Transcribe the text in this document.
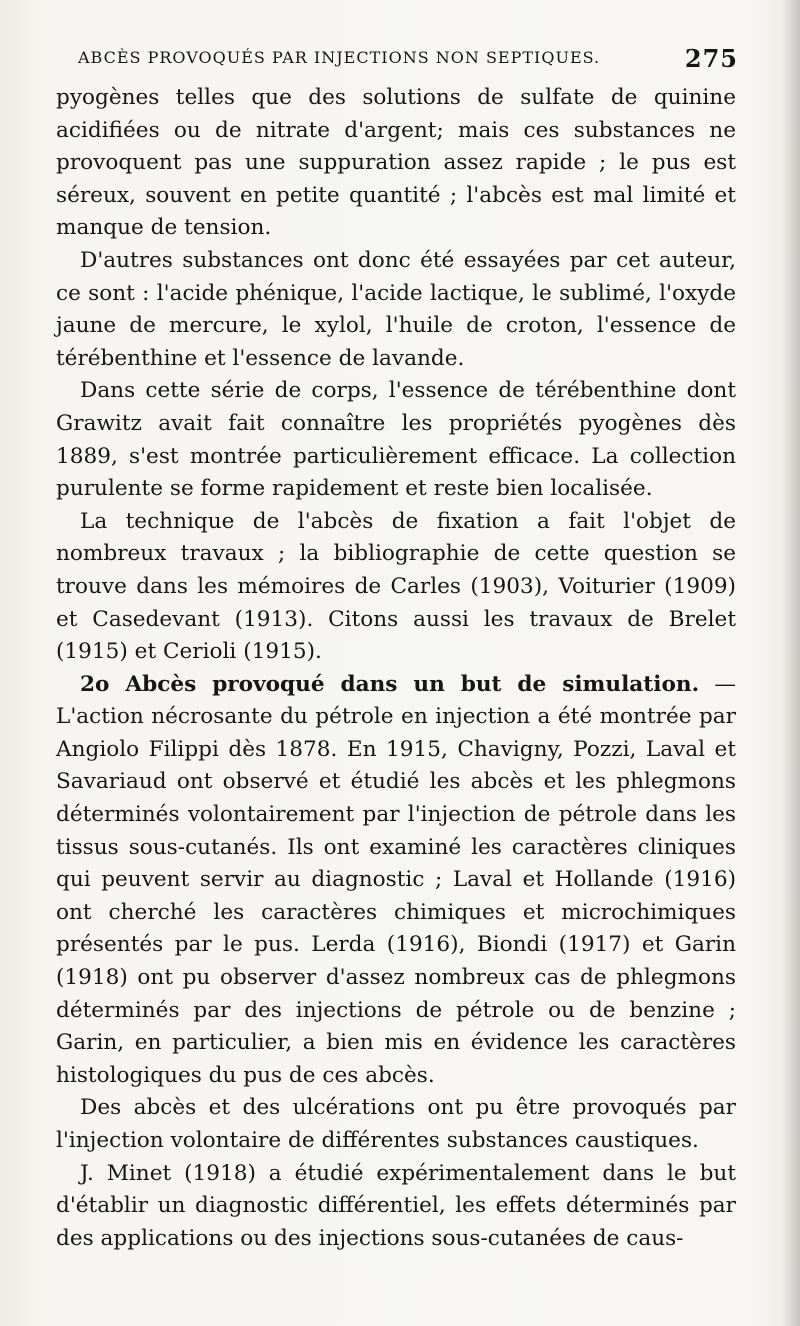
ABCÈS PROVOQUÉS PAR INJECTIONS NON SEPTIQUES.	275

pyogènes telles que des solutions de sulfate de quinine acidifiées ou de nitrate d'argent; mais ces substances ne provoquent pas une suppuration assez rapide ; le pus est séreux, souvent en petite quantité ; l'abcès est mal limité et manque de tension.

D'autres substances ont donc été essayées par cet auteur, ce sont : l'acide phénique, l'acide lactique, le sublimé, l'oxyde jaune de mercure, le xylol, l'huile de croton, l'essence de térébenthine et l'essence de lavande.

Dans cette série de corps, l'essence de térébenthine dont Grawitz avait fait connaître les propriétés pyogènes dès 1889, s'est montrée particulièrement efficace. La collection purulente se forme rapidement et reste bien localisée.

La technique de l'abcès de fixation a fait l'objet de nombreux travaux ; la bibliographie de cette question se trouve dans les mémoires de Carles (1903), Voiturier (1909) et Casedevant (1913). Citons aussi les travaux de Brelet (1915) et Cerioli (1915).

2o Abcès provoqué dans un but de simulation. — L'action nécrosante du pétrole en injection a été montrée par Angiolo Filippi dès 1878. En 1915, Chavigny, Pozzi, Laval et Savariaud ont observé et étudié les abcès et les phlegmons déterminés volontairement par l'injection de pétrole dans les tissus sous-cutanés. Ils ont examiné les caractères cliniques qui peuvent servir au diagnostic ; Laval et Hollande (1916) ont cherché les caractères chimiques et microchimiques présentés par le pus. Lerda (1916), Biondi (1917) et Garin (1918) ont pu observer d'assez nombreux cas de phlegmons déterminés par des injections de pétrole ou de benzine ; Garin, en particulier, a bien mis en évidence les caractères histologiques du pus de ces abcès.

Des abcès et des ulcérations ont pu être provoqués par l'injection volontaire de différentes substances caustiques.

J. Minet (1918) a étudié expérimentalement dans le but d'établir un diagnostic différentiel, les effets déterminés par des applications ou des injections sous-cutanées de caus-
